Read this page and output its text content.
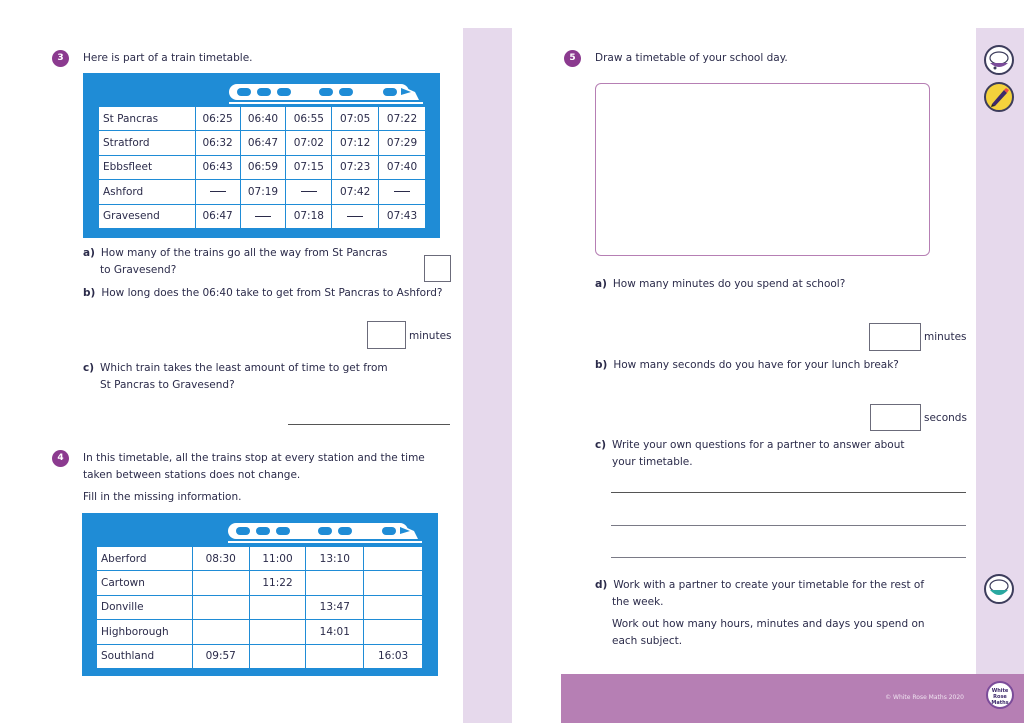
© White Rose Maths 2020
White
Rose
Maths
3	Here is part of a train timetable.
St Pancras	06:25	06:40	06:55	07:05	07:22
Stratford	06:32	06:47	07:02	07:12	07:29
Ebbsfleet	06:43	06:59	07:15	07:23	07:40
Ashford		07:19		07:42	
Gravesend	06:47		07:18		07:43
a) How many of the trains go all the way from St Pancras
to Gravesend?
b) How long does the 06:40 take to get from St Pancras to Ashford?
minutes
c) Which train takes the least amount of time to get from
St Pancras to Gravesend?
4	In this timetable, all the trains stop at every station and the time
taken between stations does not change.
Fill in the missing information.
Aberford	08:30	11:00	13:10	
Cartown		11:22		
Donville			13:47	
Highborough			14:01	
Southland	09:57			16:03
5	Draw a timetable of your school day.
a) How many minutes do you spend at school?
minutes
b) How many seconds do you have for your lunch break?
seconds
c) Write your own questions for a partner to answer about
your timetable.
d) Work with a partner to create your timetable for the rest of
the week.
Work out how many hours, minutes and days you spend on
each subject.
